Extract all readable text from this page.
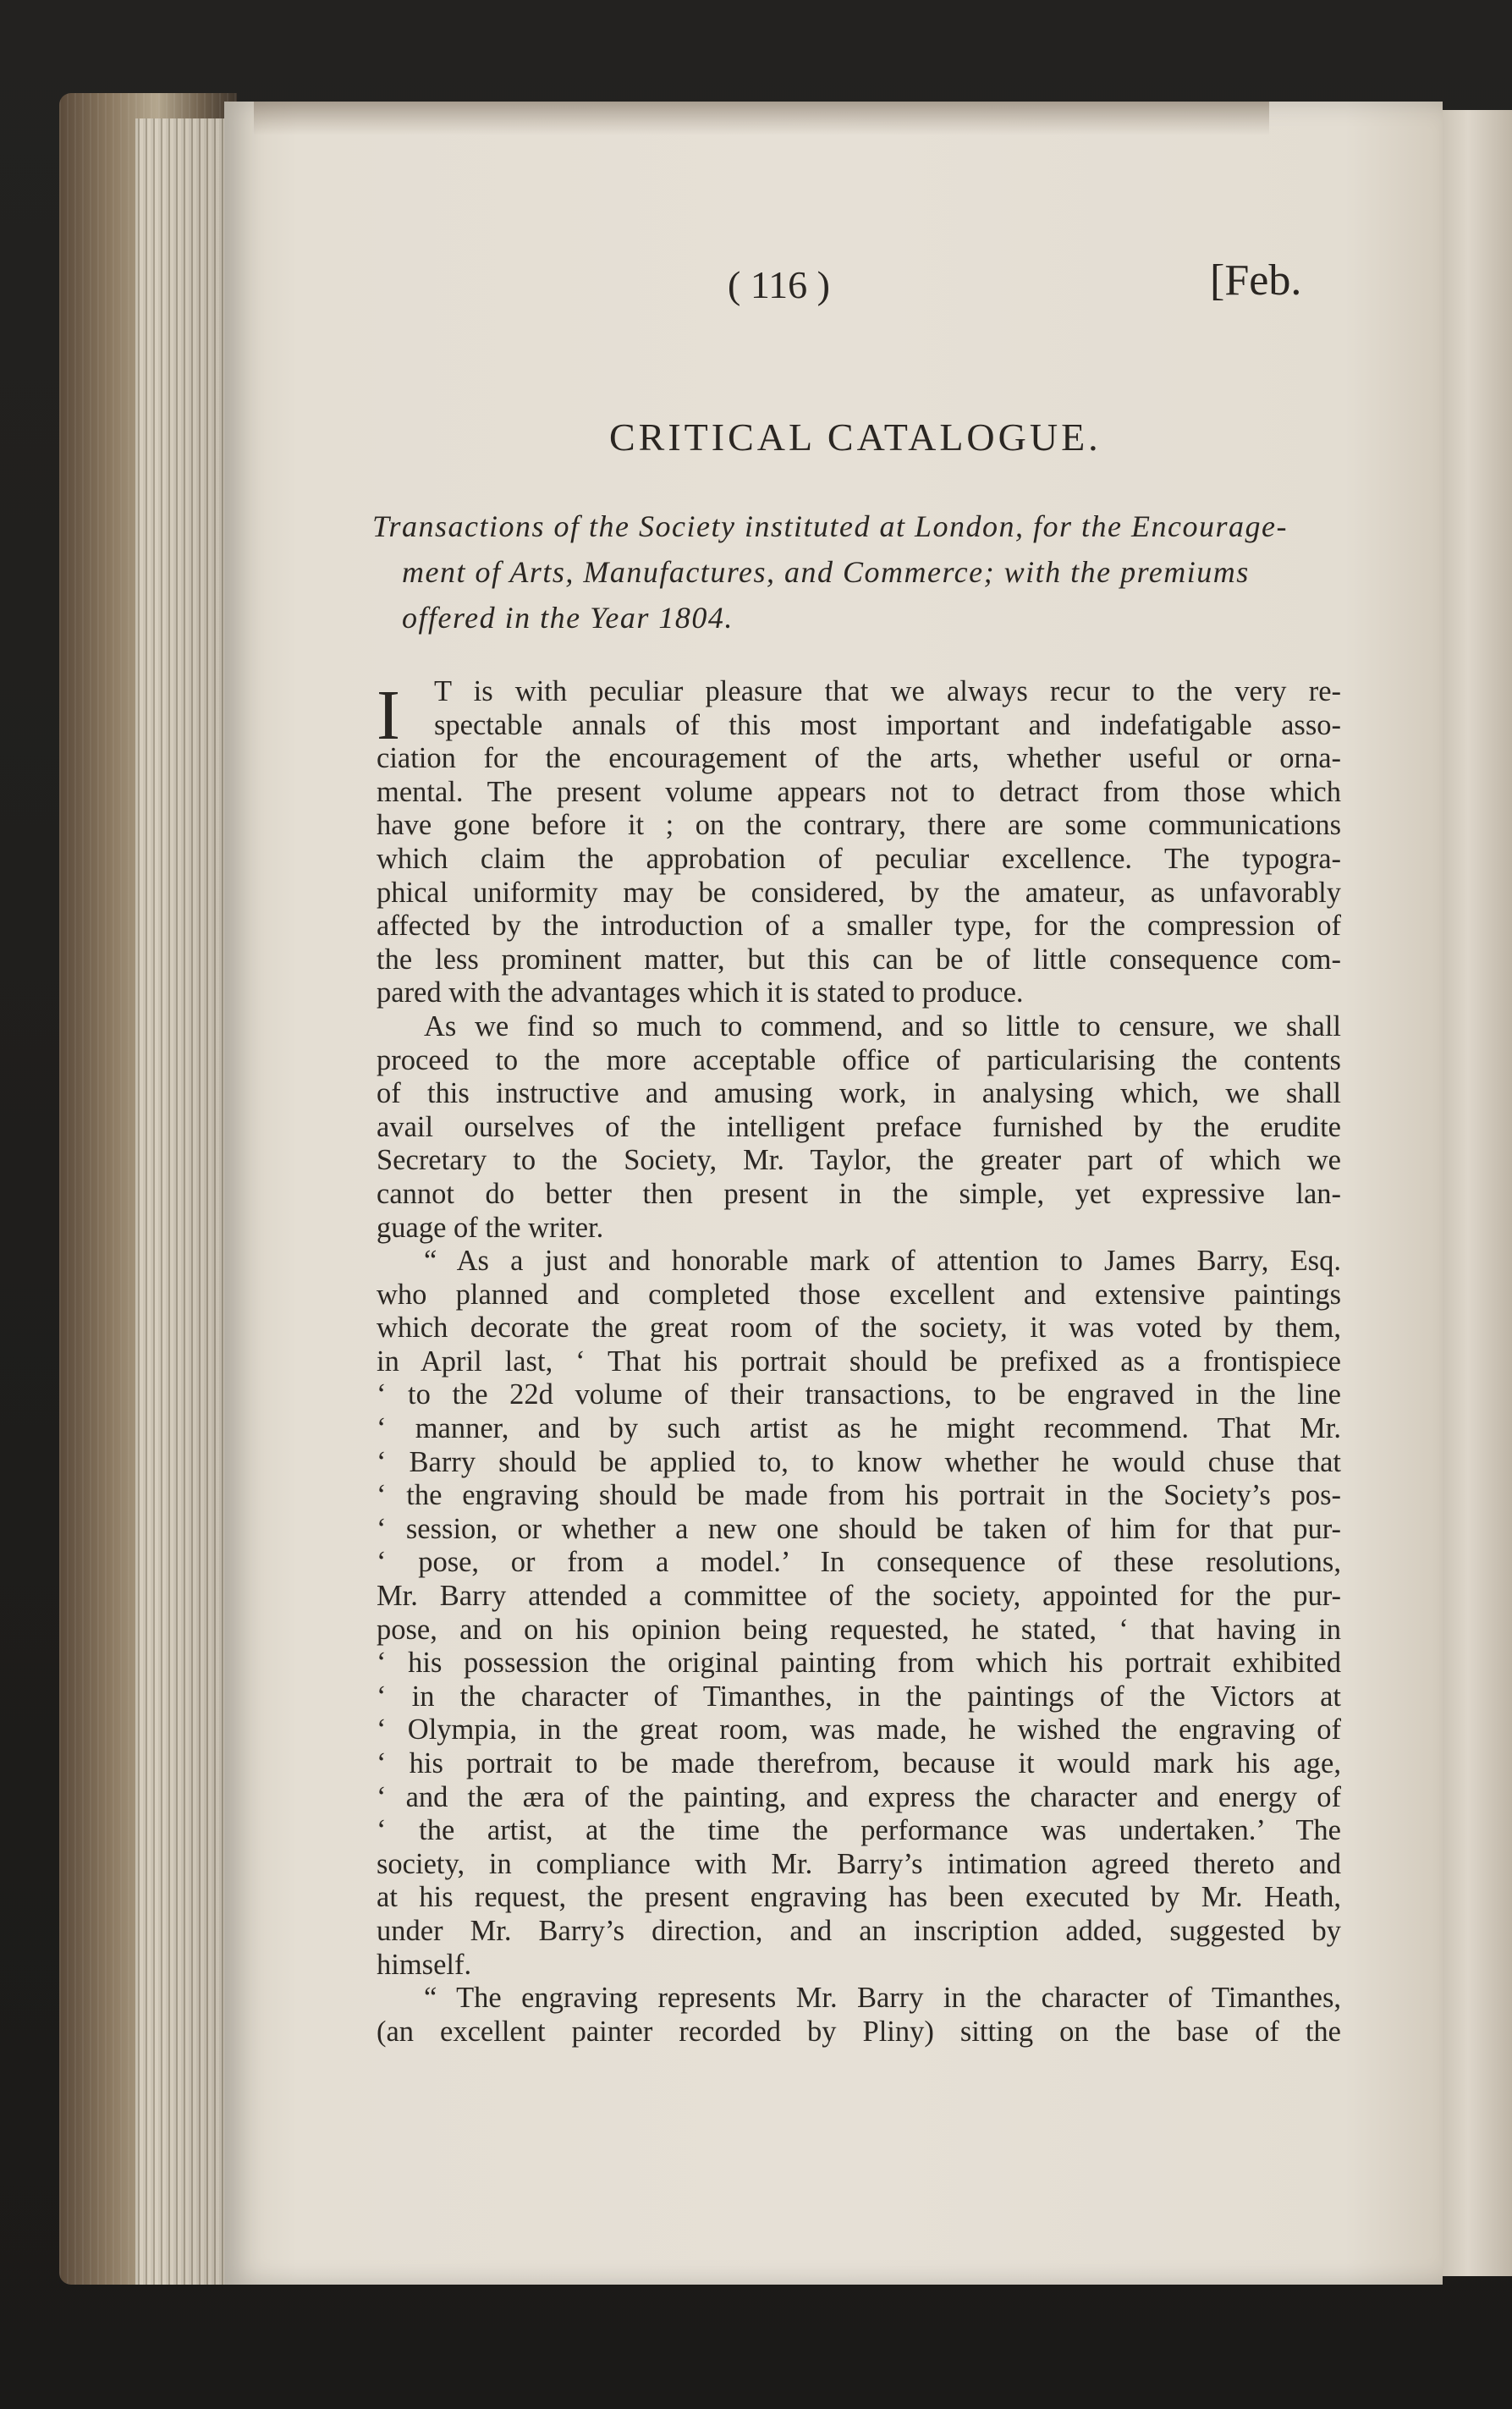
( 116 )	[Feb.
CRITICAL CATALOGUE.
Transactions of the Society instituted at London, for the Encourage-
ment of Arts, Manufactures, and Commerce; with the premiums
offered in the Year 1804.
I	T is with peculiar pleasure that we always recur to the very re-
spectable annals of this most important and indefatigable asso-
ciation for the encouragement of the arts, whether useful or orna-
mental. The present volume appears not to detract from those which
have gone before it ; on the contrary, there are some communications
which claim the approbation of peculiar excellence. The typogra-
phical uniformity may be considered, by the amateur, as unfavorably
affected by the introduction of a smaller type, for the compression of
the less prominent matter, but this can be of little consequence com-
pared with the advantages which it is stated to produce.
As we find so much to commend, and so little to censure, we shall
proceed to the more acceptable office of particularising the contents
of this instructive and amusing work, in analysing which, we shall
avail ourselves of the intelligent preface furnished by the erudite
Secretary to the Society, Mr. Taylor, the greater part of which we
cannot do better then present in the simple, yet expressive lan-
guage of the writer.
“ As a just and honorable mark of attention to James Barry, Esq.
who planned and completed those excellent and extensive paintings
which decorate the great room of the society, it was voted by them,
in April last, ‘ That his portrait should be prefixed as a frontispiece
‘ to the 22d volume of their transactions, to be engraved in the line
‘ manner, and by such artist as he might recommend. That Mr.
‘ Barry should be applied to, to know whether he would chuse that
‘ the engraving should be made from his portrait in the Society’s pos-
‘ session, or whether a new one should be taken of him for that pur-
‘ pose, or from a model.’ In consequence of these resolutions,
Mr. Barry attended a committee of the society, appointed for the pur-
pose, and on his opinion being requested, he stated, ‘ that having in
‘ his possession the original painting from which his portrait exhibited
‘ in the character of Timanthes, in the paintings of the Victors at
‘ Olympia, in the great room, was made, he wished the engraving of
‘ his portrait to be made therefrom, because it would mark his age,
‘ and the æra of the painting, and express the character and energy of
‘ the artist, at the time the performance was undertaken.’ The
society, in compliance with Mr. Barry’s intimation agreed thereto and
at his request, the present engraving has been executed by Mr. Heath,
under Mr. Barry’s direction, and an inscription added, suggested by
himself.
“ The engraving represents Mr. Barry in the character of Timanthes,
(an excellent painter recorded by Pliny) sitting on the base of the
